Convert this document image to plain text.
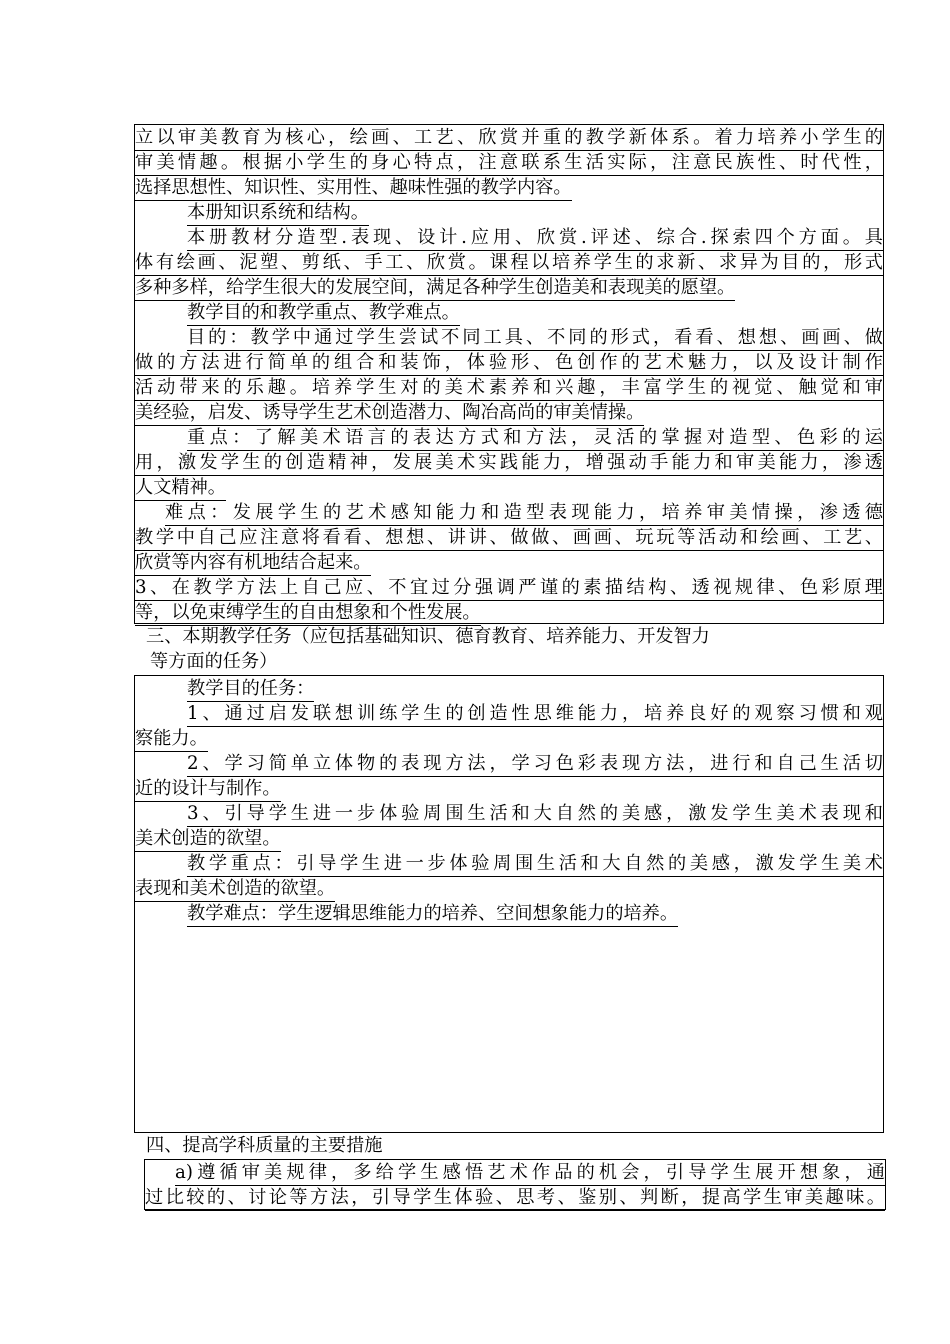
立以审美教育为核心，绘画、工艺、欣赏并重的教学新体系。着力培养小学生的
审美情趣。根据小学生的身心特点，注意联系生活实际，注意民族性、时代性，
选择思想性、知识性、实用性、趣味性强的教学内容。
本册知识系统和结构。
本册教材分造型.表现、设计.应用、欣赏.评述、综合.探索四个方面。具
体有绘画、泥塑、剪纸、手工、欣赏。课程以培养学生的求新、求异为目的，形式
多种多样，给学生很大的发展空间，满足各种学生创造美和表现美的愿望。
教学目的和教学重点、教学难点。
目的：教学中通过学生尝试不同工具、不同的形式，看看、想想、画画、做
做的方法进行简单的组合和装饰，体验形、色创作的艺术魅力，以及设计制作
活动带来的乐趣。培养学生对的美术素养和兴趣，丰富学生的视觉、触觉和审
美经验，启发、诱导学生艺术创造潜力、陶冶高尚的审美情操。
重点：了解美术语言的表达方式和方法，灵活的掌握对造型、色彩的运
用，激发学生的创造精神，发展美术实践能力，增强动手能力和审美能力，渗透
人文精神。
难点：发展学生的艺术感知能力和造型表现能力，培养审美情操，渗透德
教学中自己应注意将看看、想想、讲讲、做做、画画、玩玩等活动和绘画、工艺、
欣赏等内容有机地结合起来。
3、在教学方法上自己应、不宜过分强调严谨的素描结构、透视规律、色彩原理
等，以免束缚学生的自由想象和个性发展。
三、本期教学任务（应包括基础知识、德育教育、培养能力、开发智力
等方面的任务）
教学目的任务：
1、通过启发联想训练学生的创造性思维能力，培养良好的观察习惯和观
察能力。
2、学习简单立体物的表现方法，学习色彩表现方法，进行和自己生活切
近的设计与制作。
3、引导学生进一步体验周围生活和大自然的美感，激发学生美术表现和
美术创造的欲望。
教学重点：引导学生进一步体验周围生活和大自然的美感，激发学生美术
表现和美术创造的欲望。
教学难点：学生逻辑思维能力的培养、空间想象能力的培养。
四、提高学科质量的主要措施
a)遵循审美规律，多给学生感悟艺术作品的机会，引导学生展开想象，通
过比较的、讨论等方法，引导学生体验、思考、鉴别、判断，提高学生审美趣味。
